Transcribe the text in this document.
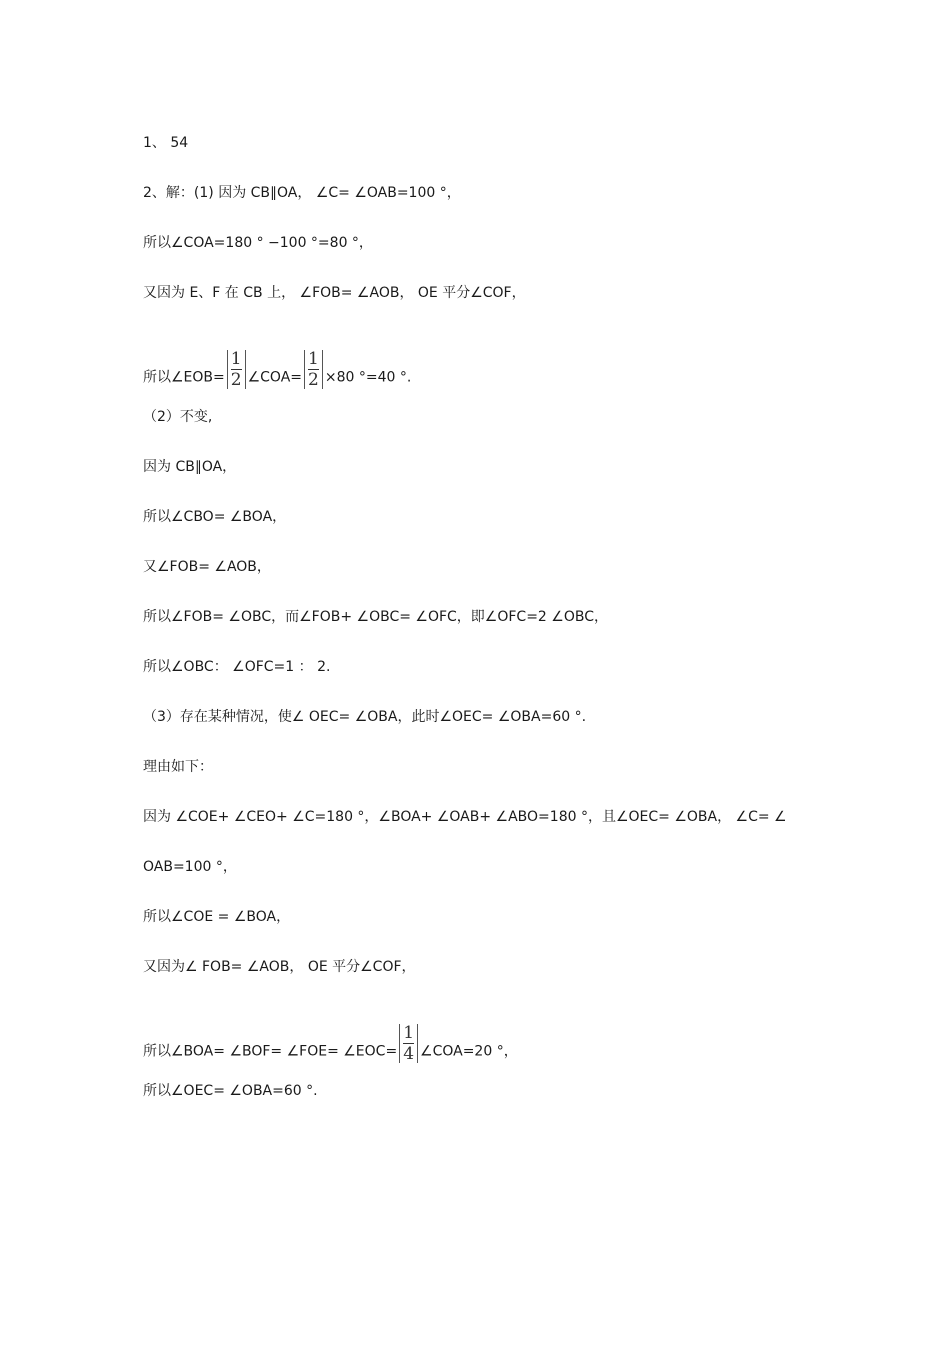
1、 54
2、解：(1) 因为 CB∥OA， ∠C= ∠OAB=100 °，
所以∠COA=180 ° −100 °=80 °，
又因为 E、F 在 CB 上， ∠FOB= ∠AOB， OE 平分∠COF，
所以∠EOB= $\frac{1}{2}$ ∠COA= $\frac{1}{2} \times 80$ °=40 °.
（2）不变,
因为 CB∥OA，
所以∠CBO= ∠BOA，
又∠FOB= ∠AOB，
所以∠FOB= ∠OBC，而∠FOB+ ∠OBC= ∠OFC，即∠OFC=2 ∠OBC，
所以∠OBC： ∠OFC=1 ： 2.
（3）存在某种情况，使∠ OEC= ∠OBA，此时∠OEC= ∠OBA=60 °.
理由如下：
因为 ∠COE+ ∠CEO+ ∠C=180 °，∠BOA+ ∠OAB+ ∠ABO=180 °，且∠OEC= ∠OBA， ∠C= ∠
OAB=100 °，
所以∠COE = ∠BOA，
又因为∠ FOB= ∠AOB， OE 平分∠COF，
所以∠BOA= ∠BOF= ∠FOE= ∠EOC= $\frac{1}{4}$ ∠COA=20 °，
所以∠OEC= ∠OBA=60 °.
